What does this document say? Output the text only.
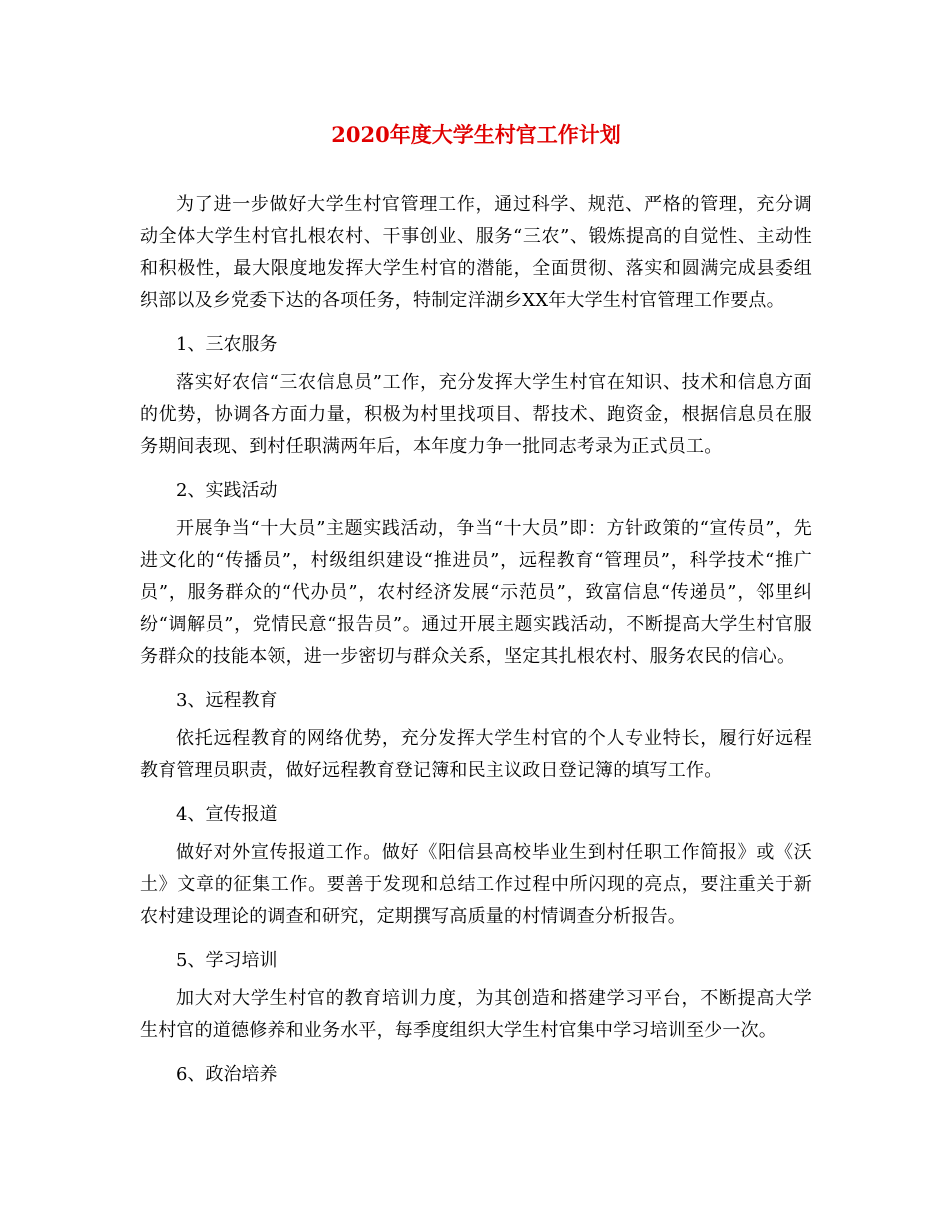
2020年度大学生村官工作计划

为了进一步做好大学生村官管理工作，通过科学、规范、严格的管理，充分调动全体大学生村官扎根农村、干事创业、服务“三农”、锻炼提高的自觉性、主动性和积极性，最大限度地发挥大学生村官的潜能，全面贯彻、落实和圆满完成县委组织部以及乡党委下达的各项任务，特制定洋湖乡XX年大学生村官管理工作要点。

1、三农服务

落实好农信“三农信息员”工作，充分发挥大学生村官在知识、技术和信息方面的优势，协调各方面力量，积极为村里找项目、帮技术、跑资金，根据信息员在服务期间表现、到村任职满两年后，本年度力争一批同志考录为正式员工。

2、实践活动

开展争当“十大员”主题实践活动，争当“十大员”即：方针政策的“宣传员”，先进文化的“传播员”，村级组织建设“推进员”，远程教育“管理员”，科学技术“推广员”，服务群众的“代办员”，农村经济发展“示范员”，致富信息“传递员”，邻里纠纷“调解员”，党情民意“报告员”。通过开展主题实践活动，不断提高大学生村官服务群众的技能本领，进一步密切与群众关系，坚定其扎根农村、服务农民的信心。

3、远程教育

依托远程教育的网络优势，充分发挥大学生村官的个人专业特长，履行好远程教育管理员职责，做好远程教育登记簿和民主议政日登记簿的填写工作。

4、宣传报道

做好对外宣传报道工作。做好《阳信县高校毕业生到村任职工作简报》或《沃土》文章的征集工作。要善于发现和总结工作过程中所闪现的亮点，要注重关于新农村建设理论的调查和研究，定期撰写高质量的村情调查分析报告。

5、学习培训

加大对大学生村官的教育培训力度，为其创造和搭建学习平台，不断提高大学生村官的道德修养和业务水平，每季度组织大学生村官集中学习培训至少一次。

6、政治培养
